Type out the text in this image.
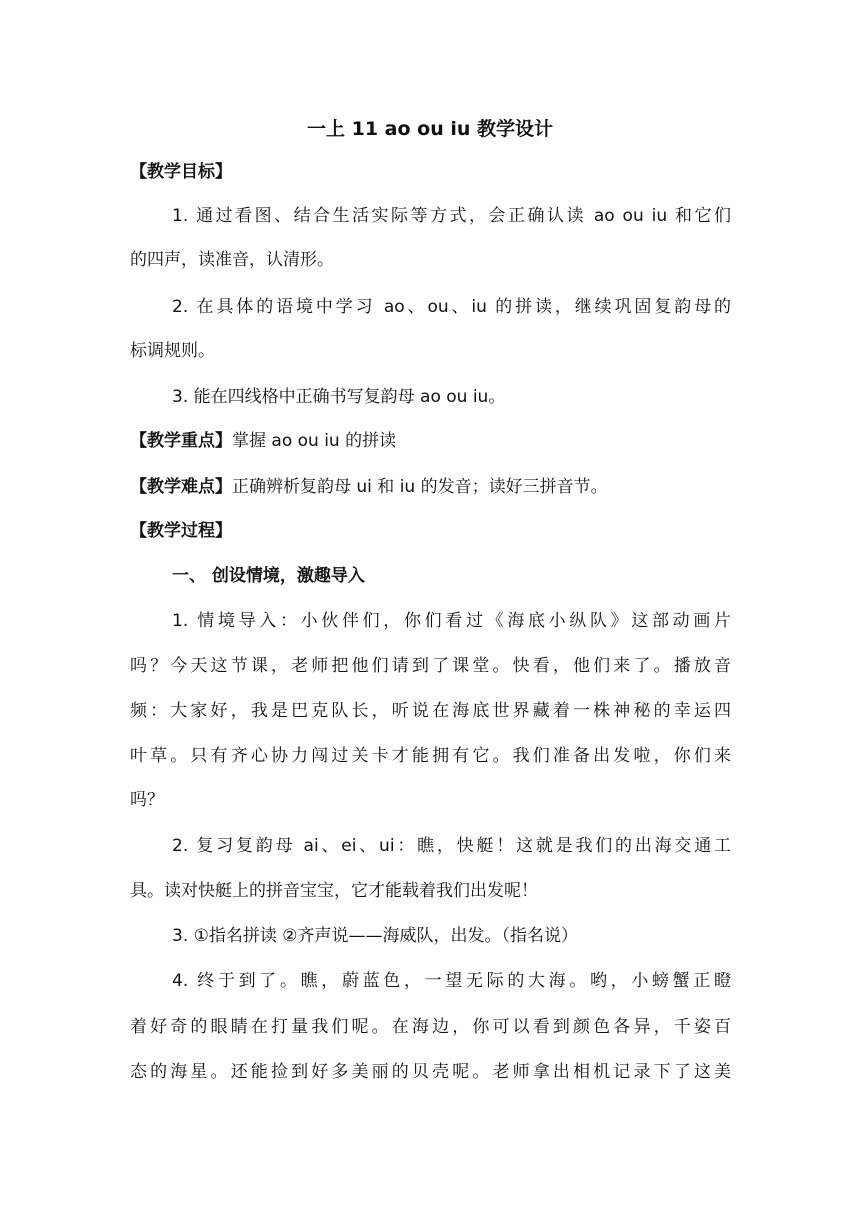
一上 11 ao ou iu 教学设计
【教学目标】
1. 通过看图、结合生活实际等方式，会正确认读 ao ou iu 和它们
的四声，读准音，认清形。
2. 在具体的语境中学习 ao、ou、iu 的拼读，继续巩固复韵母的
标调规则。
3. 能在四线格中正确书写复韵母 ao ou iu。
【教学重点】掌握 ao ou iu 的拼读
【教学难点】正确辨析复韵母 ui 和 iu 的发音；读好三拼音节。
【教学过程】
一、 创设情境，激趣导入
1. 情境导入：小伙伴们，你们看过《海底小纵队》这部动画片
吗？今天这节课，老师把他们请到了课堂。快看，他们来了。播放音
频：大家好，我是巴克队长，听说在海底世界藏着一株神秘的幸运四
叶草。只有齐心协力闯过关卡才能拥有它。我们准备出发啦，你们来
吗？
2. 复习复韵母 ai、ei、ui：瞧，快艇！这就是我们的出海交通工
具。读对快艇上的拼音宝宝，它才能载着我们出发呢！
3. ①指名拼读 ②齐声说——海威队，出发。（指名说）
4. 终于到了。瞧，蔚蓝色，一望无际的大海。哟，小螃蟹正瞪
着好奇的眼睛在打量我们呢。在海边，你可以看到颜色各异，千姿百
态的海星。还能捡到好多美丽的贝壳呢。老师拿出相机记录下了这美
